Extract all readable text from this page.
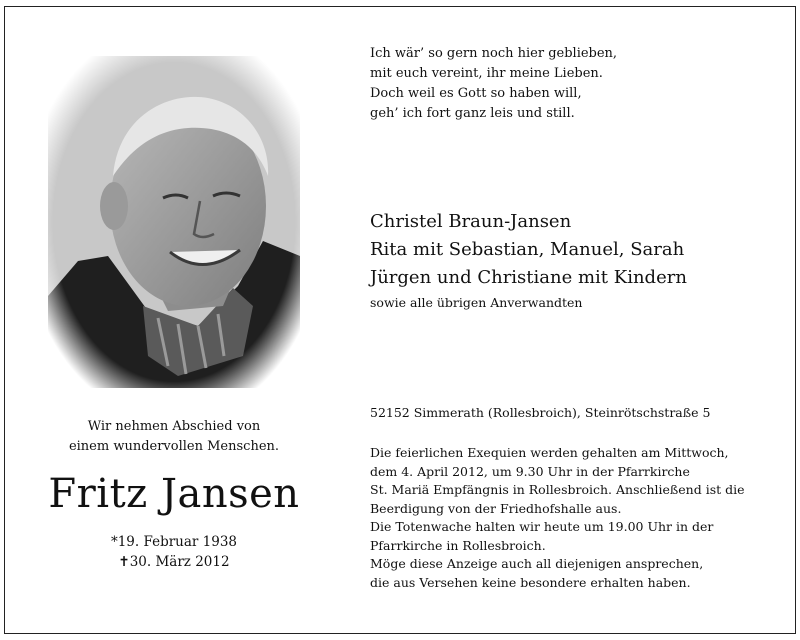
Ich wär’ so gern noch hier geblieben,
mit euch vereint, ihr meine Lieben.
Doch weil es Gott so haben will,
geh’ ich fort ganz leis und still.
Christel Braun-Jansen
Rita mit Sebastian, Manuel, Sarah
Jürgen und Christiane mit Kindern
sowie alle übrigen Anverwandten
Wir nehmen Abschied von
einem wundervollen Menschen.
Fritz Jansen
*19. Februar 1938
✝30. März 2012
52152 Simmerath (Rollesbroich), Steinrötschstraße 5
Die feierlichen Exequien werden gehalten am Mittwoch,
dem 4. April 2012, um 9.30 Uhr in der Pfarrkirche
St. Mariä Empfängnis in Rollesbroich. Anschließend ist die
Beerdigung von der Friedhofshalle aus.
Die Totenwache halten wir heute um 19.00 Uhr in der
Pfarrkirche in Rollesbroich.
Möge diese Anzeige auch all diejenigen ansprechen,
die aus Versehen keine besondere erhalten haben.
